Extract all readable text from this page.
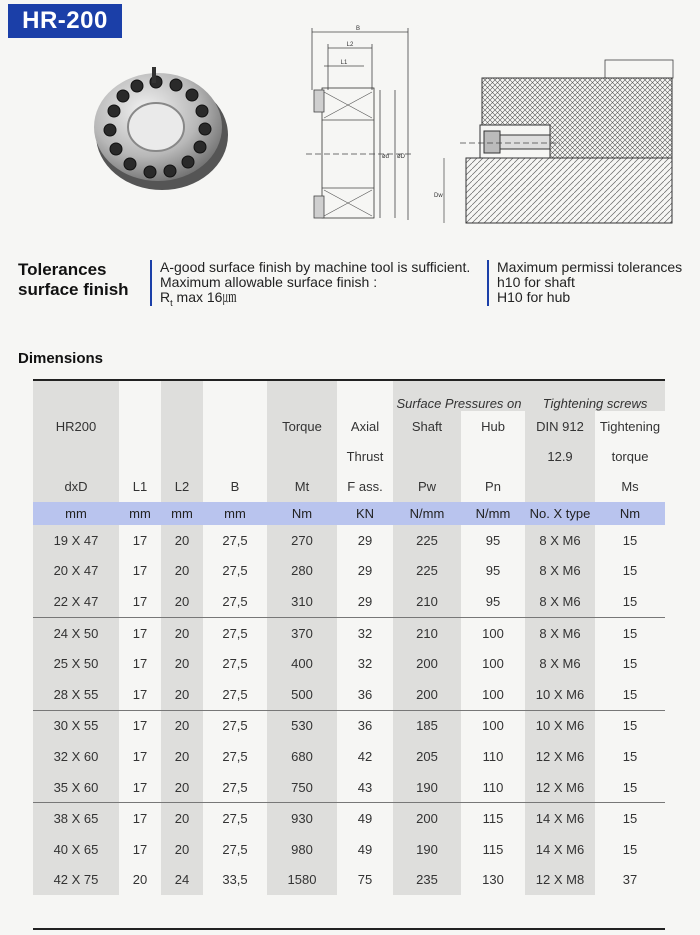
HR-200	B
L2
L1
ød øD
Dw
Tolerances
surface finish
A-good surface finish by machine tool is sufficient.
Maximum allowable surface finish :
$R_t$ max 16㎛
Maximum permissi tolerances
h10 for shaft
H10 for hub
Dimensions
						Surface Pressures on		Tightening screws	
HR200				Torque	Axial	Shaft	Hub	DIN 912	Tightening
					Thrust			12.9	torque
dxD	L1	L2	B	Mt	F ass.	Pw	Pn		Ms
mm	mm	mm	mm	Nm	KN	N/mm	N/mm	No. X type	Nm
19 X 47	17	20	27,5	270	29	225	95	8 X M6	15
20 X 47	17	20	27,5	280	29	225	95	8 X M6	15
22 X 47	17	20	27,5	310	29	210	95	8 X M6	15
24 X 50	17	20	27,5	370	32	210	100	8 X M6	15
25 X 50	17	20	27,5	400	32	200	100	8 X M6	15
28 X 55	17	20	27,5	500	36	200	100	10 X M6	15
30 X 55	17	20	27,5	530	36	185	100	10 X M6	15
32 X 60	17	20	27,5	680	42	205	110	12 X M6	15
35 X 60	17	20	27,5	750	43	190	110	12 X M6	15
38 X 65	17	20	27,5	930	49	200	115	14 X M6	15
40 X 65	17	20	27,5	980	49	190	115	14 X M6	15
42 X 75	20	24	33,5	1580	75	235	130	12 X M8	37
